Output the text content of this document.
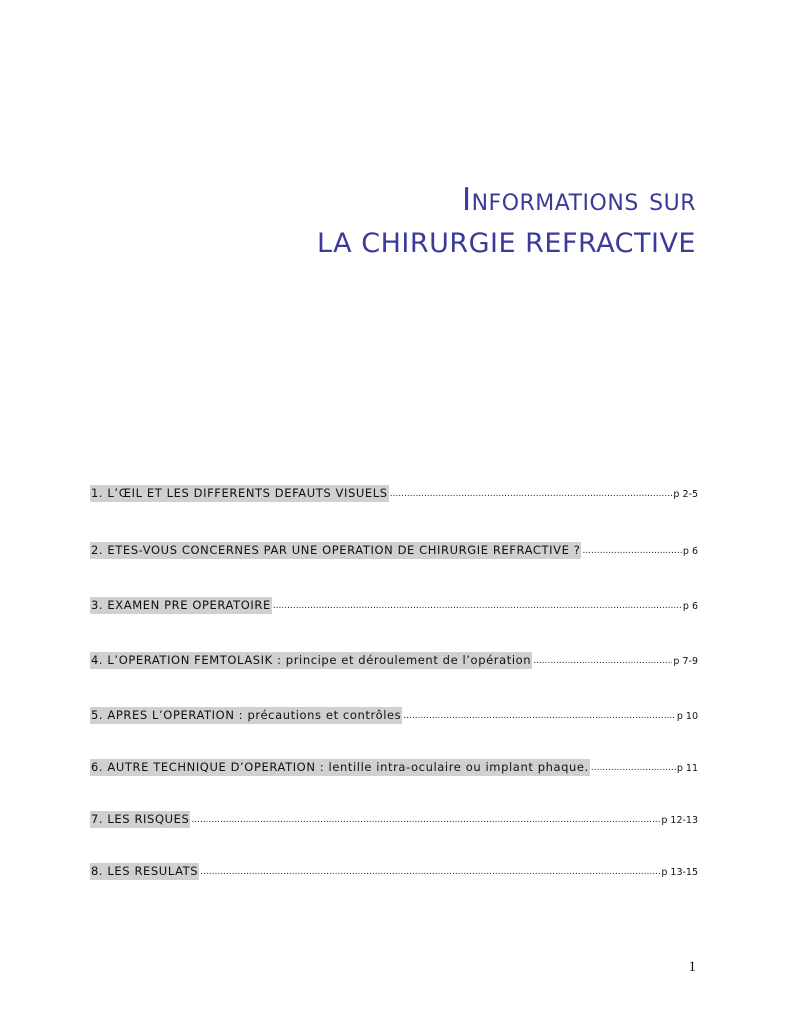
Informations sur
LA CHIRURGIE REFRACTIVE
1. L’ŒIL ET LES DIFFERENTS DEFAUTS VISUELS .....	p 2-5
2. ETES-VOUS CONCERNES PAR UNE OPERATION DE CHIRURGIE REFRACTIVE ? .....	p 6
3. EXAMEN PRE OPERATOIRE .....	p 6
4. L’OPERATION FEMTOLASIK : principe et déroulement de l’opération .....	p 7-9
5. APRES L’OPERATION : précautions et contrôles .....	p 10
6. AUTRE TECHNIQUE D’OPERATION : lentille intra-oculaire ou implant phaque. .....	p 11
7. LES RISQUES .....	p 12-13
8. LES RESULATS .....	p 13-15
1
